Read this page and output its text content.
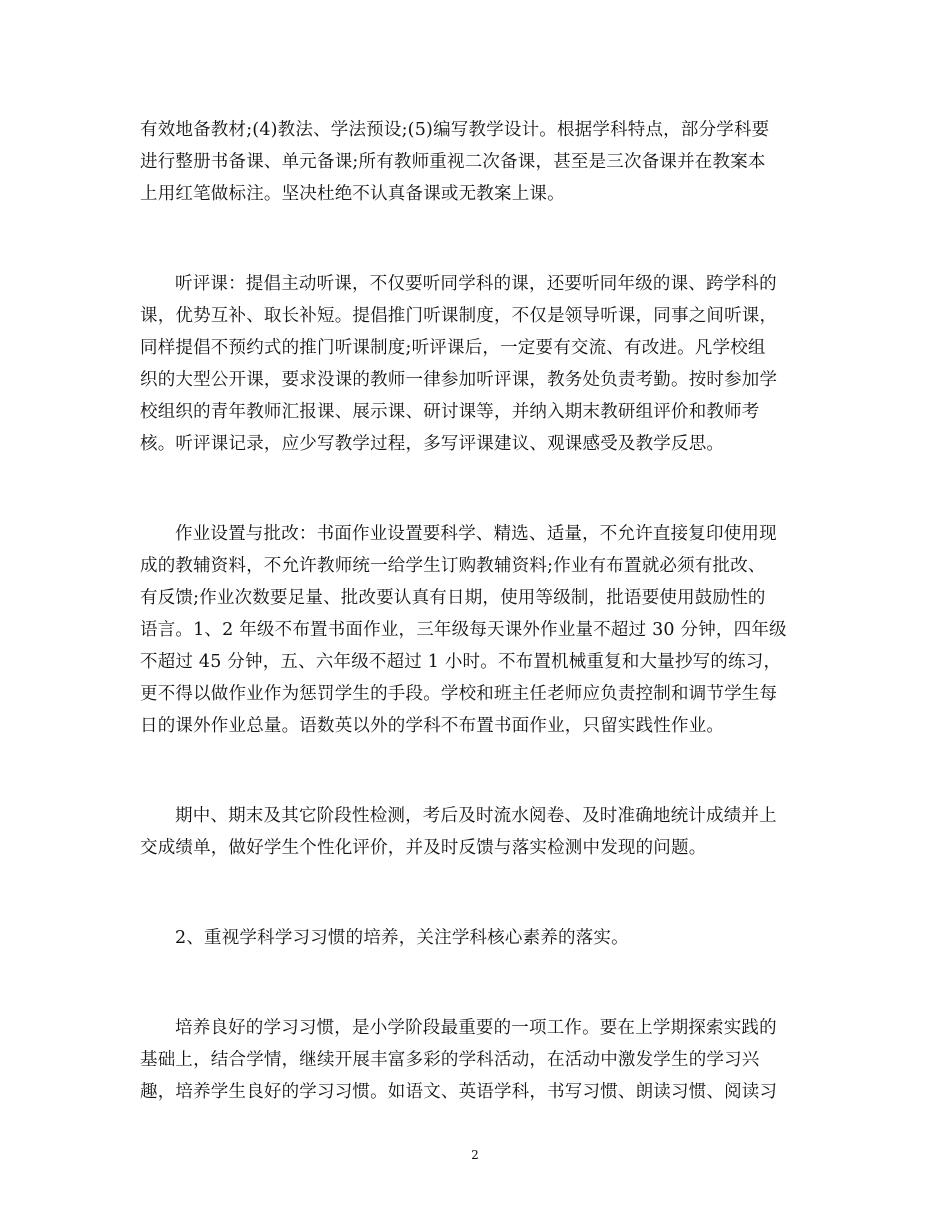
有效地备教材;(4)教法、学法预设;(5)编写教学设计。根据学科特点，部分学科要
进行整册书备课、单元备课;所有教师重视二次备课，甚至是三次备课并在教案本
上用红笔做标注。坚决杜绝不认真备课或无教案上课。
听评课：提倡主动听课，不仅要听同学科的课，还要听同年级的课、跨学科的
课，优势互补、取长补短。提倡推门听课制度，不仅是领导听课，同事之间听课，
同样提倡不预约式的推门听课制度;听评课后，一定要有交流、有改进。凡学校组
织的大型公开课，要求没课的教师一律参加听评课，教务处负责考勤。按时参加学
校组织的青年教师汇报课、展示课、研讨课等，并纳入期末教研组评价和教师考
核。听评课记录，应少写教学过程，多写评课建议、观课感受及教学反思。
作业设置与批改：书面作业设置要科学、精选、适量，不允许直接复印使用现
成的教辅资料，不允许教师统一给学生订购教辅资料;作业有布置就必须有批改、
有反馈;作业次数要足量、批改要认真有日期，使用等级制，批语要使用鼓励性的
语言。1、2 年级不布置书面作业，三年级每天课外作业量不超过 30 分钟，四年级
不超过 45 分钟，五、六年级不超过 1 小时。不布置机械重复和大量抄写的练习，
更不得以做作业作为惩罚学生的手段。学校和班主任老师应负责控制和调节学生每
日的课外作业总量。语数英以外的学科不布置书面作业，只留实践性作业。
期中、期末及其它阶段性检测，考后及时流水阅卷、及时准确地统计成绩并上
交成绩单，做好学生个性化评价，并及时反馈与落实检测中发现的问题。
2、重视学科学习习惯的培养，关注学科核心素养的落实。
培养良好的学习习惯，是小学阶段最重要的一项工作。要在上学期探索实践的
基础上，结合学情，继续开展丰富多彩的学科活动，在活动中激发学生的学习兴
趣，培养学生良好的学习习惯。如语文、英语学科，书写习惯、朗读习惯、阅读习
2
